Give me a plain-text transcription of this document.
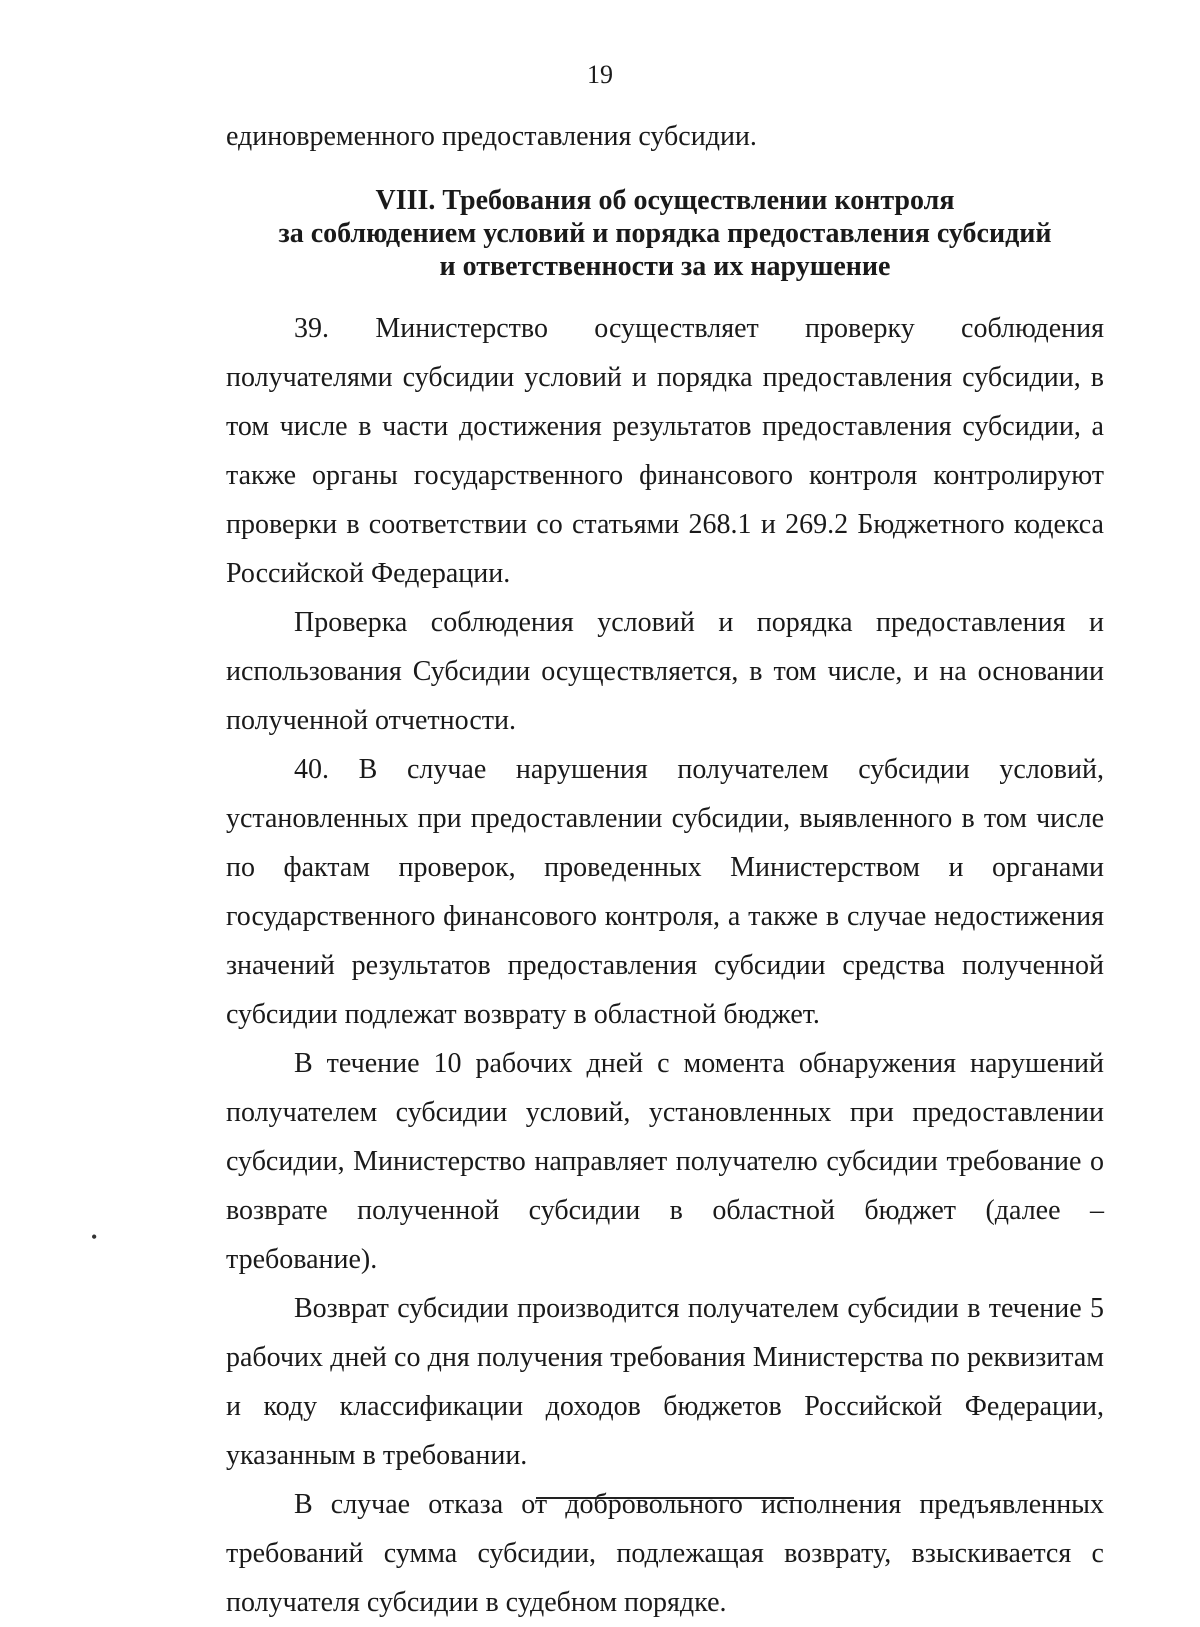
19
единовременного предоставления субсидии.
VIII. Требования об осуществлении контроля
за соблюдением условий и порядка предоставления субсидий
и ответственности за их нарушение

39. Министерство осуществляет проверку соблюдения получателями субсидии условий и порядка предоставления субсидии, в том числе в части достижения результатов предоставления субсидии, а также органы государственного финансового контроля контролируют проверки в соответствии со статьями 268.1 и 269.2 Бюджетного кодекса Российской Федерации.

Проверка соблюдения условий и порядка предоставления и использования Субсидии осуществляется, в том числе, и на основании полученной отчетности.

40. В случае нарушения получателем субсидии условий, установленных при предоставлении субсидии, выявленного в том числе по фактам проверок, проведенных Министерством и органами государственного финансового контроля, а также в случае недостижения значений результатов предоставления субсидии средства полученной субсидии подлежат возврату в областной бюджет.

В течение 10 рабочих дней с момента обнаружения нарушений получателем субсидии условий, установленных при предоставлении субсидии, Министерство направляет получателю субсидии требование о возврате полученной субсидии в областной бюджет (далее – требование).

Возврат субсидии производится получателем субсидии в течение 5 рабочих дней со дня получения требования Министерства по реквизитам и коду классификации доходов бюджетов Российской Федерации, указанным в требовании.

В случае отказа от добровольного исполнения предъявленных требований сумма субсидии, подлежащая возврату, взыскивается с получателя субсидии в судебном порядке.

•
